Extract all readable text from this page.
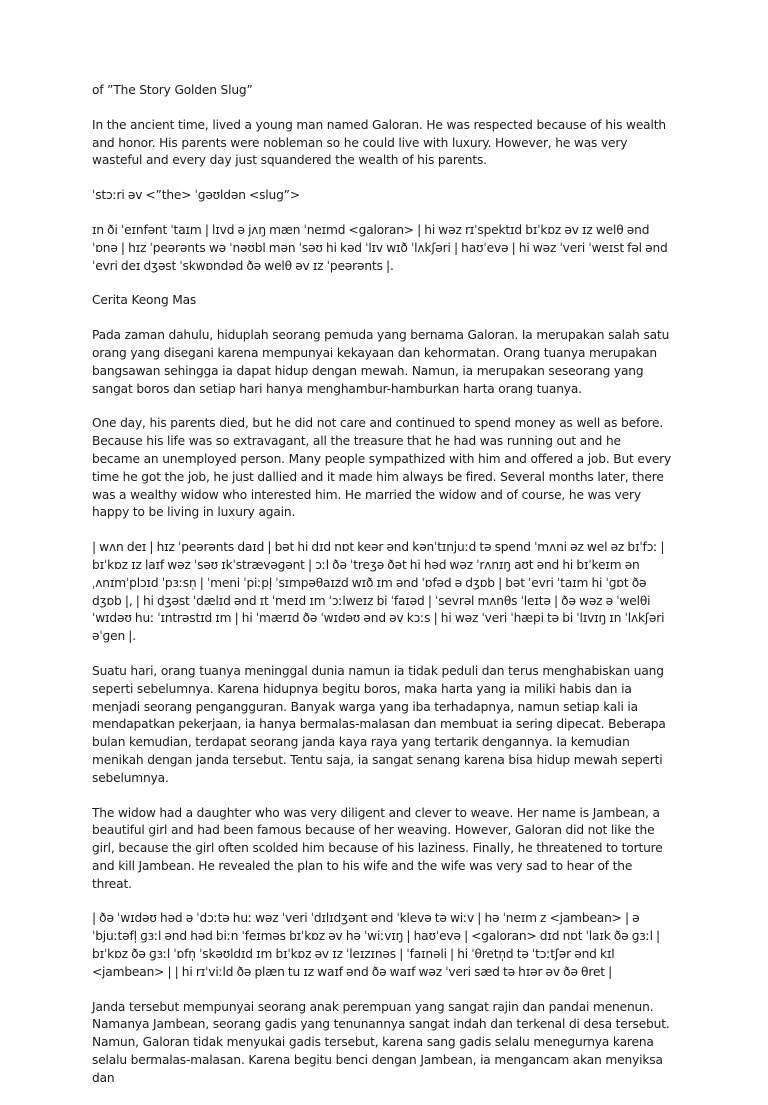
of ”The Story Golden Slug”

In the ancient time, lived a young man named Galoran. He was respected because of his wealth and honor. His parents were nobleman so he could live with luxury. However, he was very wasteful and every day just squandered the wealth of his parents.

ˈstɔːri əv <”the> ˈɡəʊldən <slug”>

ɪn ði ˈeɪnfənt ˈtaɪm | lɪvd ə jʌŋ mæn ˈneɪmd <galoran> | hi wəz rɪˈspektɪd bɪˈkɒz əv ɪz welθ ənd ˈɒnə | hɪz ˈpeərənts wə ˈnəʊbl mən ˈsəʊ hi kəd ˈlɪv wɪð ˈlʌkʃəri | haʊˈevə | hi wəz ˈveri ˈweɪst fəl ənd ˈevri deɪ dʒəst ˈskwɒndəd ðə welθ əv ɪz ˈpeərənts |.

Cerita Keong Mas

Pada zaman dahulu, hiduplah seorang pemuda yang bernama Galoran. Ia merupakan salah satu orang yang disegani karena mempunyai kekayaan dan kehormatan. Orang tuanya merupakan bangsawan sehingga ia dapat hidup dengan mewah. Namun, ia merupakan seseorang yang sangat boros dan setiap hari hanya menghambur-hamburkan harta orang tuanya.

One day, his parents died, but he did not care and continued to spend money as well as before. Because his life was so extravagant, all the treasure that he had was running out and he became an unemployed person. Many people sympathized with him and offered a job. But every time he got the job, he just dallied and it made him always be fired. Several months later, there was a wealthy widow who interested him. He married the widow and of course, he was very happy to be living in luxury again.

| wʌn deɪ | hɪz ˈpeərənts daɪd | bət hi dɪd nɒt keər ənd kənˈtɪnjuːd tə spend ˈmʌni əz wel əz bɪˈfɔː | bɪˈkɒz ɪz laɪf wəz ˈsəʊ ɪkˈstrævəɡənt | ɔːl ðə ˈtreʒə ðət hi həd wəz ˈrʌnɪŋ aʊt ənd hi bɪˈkeɪm ən ˌʌnɪmˈplɔɪd ˈpɜːsn̩ | ˈmeni ˈpiːpl̩ ˈsɪmpəθaɪzd wɪð ɪm ənd ˈɒfəd ə dʒɒb | bət ˈevri ˈtaɪm hi ˈɡɒt ðə dʒɒb |, | hi dʒəst ˈdælɪd ənd ɪt ˈmeɪd ɪm ˈɔːlweɪz bi ˈfaɪəd | ˈsevrəl mʌnθs ˈleɪtə | ðə wəz ə ˈwelθi ˈwɪdəʊ huː ˈɪntrəstɪd ɪm | hi ˈmærɪd ðə ˈwɪdəʊ ənd əv kɔːs | hi wəz ˈveri ˈhæpi tə bi ˈlɪvɪŋ ɪn ˈlʌkʃəri əˈɡen |.

Suatu hari, orang tuanya meninggal dunia namun ia tidak peduli dan terus menghabiskan uang seperti sebelumnya. Karena hidupnya begitu boros, maka harta yang ia miliki habis dan ia menjadi seorang pengangguran. Banyak warga yang iba terhadapnya, namun setiap kali ia mendapatkan pekerjaan, ia hanya bermalas-malasan dan membuat ia sering dipecat. Beberapa bulan kemudian, terdapat seorang janda kaya raya yang tertarik dengannya. Ia kemudian menikah dengan janda tersebut. Tentu saja, ia sangat senang karena bisa hidup mewah seperti sebelumnya.

The widow had a daughter who was very diligent and clever to weave. Her name is Jambean, a beautiful girl and had been famous because of her weaving. However, Galoran did not like the girl, because the girl often scolded him because of his laziness. Finally, he threatened to torture and kill Jambean. He revealed the plan to his wife and the wife was very sad to hear of the threat.

| ðə ˈwɪdəʊ həd ə ˈdɔːtə huː wəz ˈveri ˈdɪlɪdʒənt ənd ˈklevə tə wiːv | hə ˈneɪm z <jambean> | ə ˈbjuːtəfl̩ ɡɜːl ənd həd biːn ˈfeɪməs bɪˈkɒz əv hə ˈwiːvɪŋ | haʊˈevə | <galoran> dɪd nɒt ˈlaɪk ðə ɡɜːl | bɪˈkɒz ðə ɡɜːl ˈɒfn̩ ˈskəʊldɪd ɪm bɪˈkɒz əv ɪz ˈleɪzɪnəs | ˈfaɪnəli | hi ˈθretn̩d tə ˈtɔːtʃər ənd kɪl <jambean> | | hi rɪˈviːld ðə plæn tu ɪz waɪf ənd ðə waɪf wəz ˈveri sæd tə hɪər əv ðə θret |

Janda tersebut mempunyai seorang anak perempuan yang sangat rajin dan pandai menenun. Namanya Jambean, seorang gadis yang tenunannya sangat indah dan terkenal di desa tersebut. Namun, Galoran tidak menyukai gadis tersebut, karena sang gadis selalu menegurnya karena selalu bermalas-malasan. Karena begitu benci dengan Jambean, ia mengancam akan menyiksa dan
